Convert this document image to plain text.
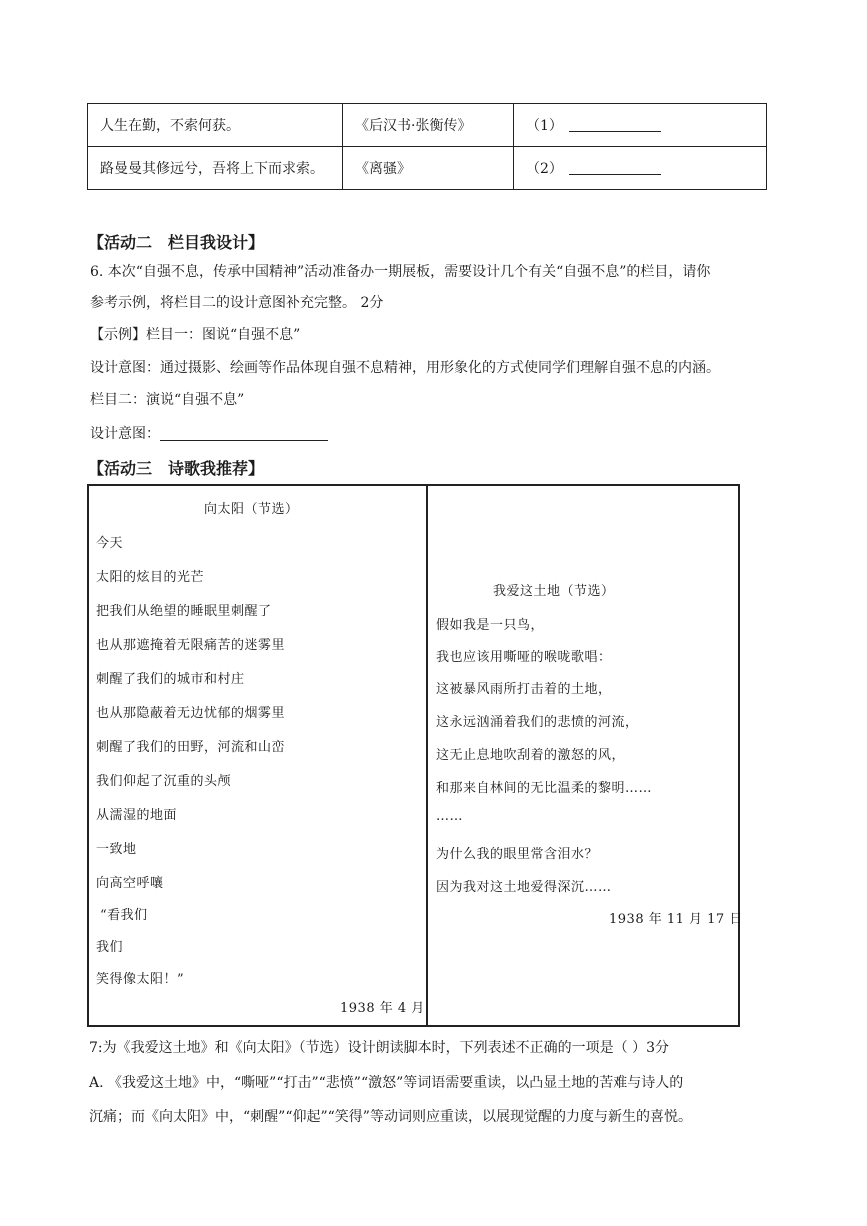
人生在勤，不索何获。	《后汉书·张衡传》	（1）
路曼曼其修远兮，吾将上下而求索。	《离骚》	（2）
【活动二　栏目我设计】
6. 本次“自强不息，传承中国精神”活动准备办一期展板，需要设计几个有关“自强不息”的栏目，请你
参考示例，将栏目二的设计意图补充完整。 2分
【示例】栏目一：图说“自强不息”
设计意图：通过摄影、绘画等作品体现自强不息精神，用形象化的方式使同学们理解自强不息的内涵。
栏目二：演说“自强不息”
设计意图：
【活动三　诗歌我推荐】
向太阳（节选）
今天
太阳的炫目的光芒
把我们从绝望的睡眠里刺醒了
也从那遮掩着无限痛苦的迷雾里
刺醒了我们的城市和村庄
也从那隐蔽着无边忧郁的烟雾里
刺醒了我们的田野，河流和山峦
我们仰起了沉重的头颅
从濡湿的地面
一致地
向高空呼嚷
“看我们
我们
笑得像太阳！”
1938 年 4 月
我爱这土地（节选）
假如我是一只鸟，
我也应该用嘶哑的喉咙歌唱：
这被暴风雨所打击着的土地，
这永远汹涌着我们的悲愤的河流，
这无止息地吹刮着的激怒的风，
和那来自林间的无比温柔的黎明……
……
为什么我的眼里常含泪水？
因为我对这土地爱得深沉……
1938 年 11 月 17 日
7:为《我爱这土地》和《向太阳》（节选）设计朗读脚本时，下列表述不正确的一项是（ ）3分
A. 《我爱这土地》中，“嘶哑”“打击”“悲愤”“激怒”等词语需要重读，以凸显土地的苦难与诗人的
沉痛；而《向太阳》中，“刺醒”“仰起”“笑得”等动词则应重读，以展现觉醒的力度与新生的喜悦。
